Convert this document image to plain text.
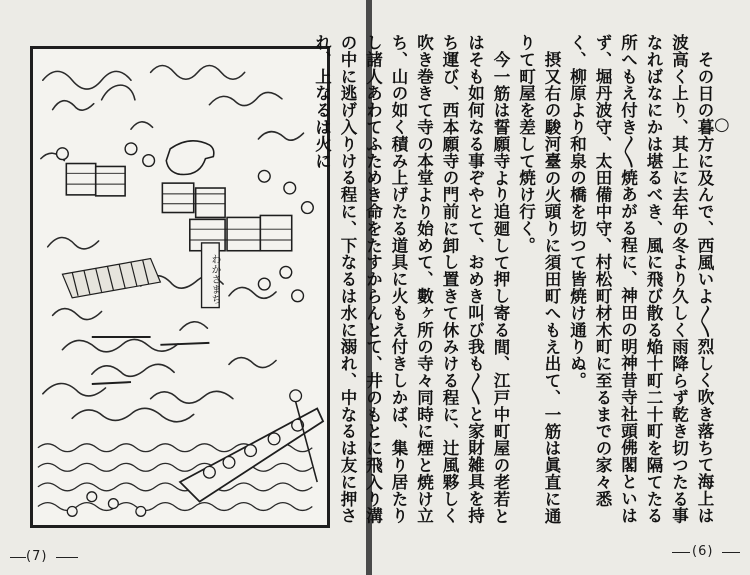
わかさまち
(7)
○

その日の暮方に及んで、西風いよ〳〵烈しく吹き落ちて海上は波高く上り、其上に去年の冬より久しく雨降らず乾き切つたる事なればなにかは堪るべき、風に飛び散る焔十町二十町を隔てたる所へもえ付き〳〵焼あがる程に、神田の明神昔寺社頭佛閣といはず、堀丹波守、太田備中守、村松町材木町に至るまでの家々悉く、柳原より和泉の橋を切つて皆焼け通りぬ。

摂又右の駿河臺の火頭りに須田町へもえ出て、一筋は眞直に通りて町屋を差して焼け行く。

今一筋は誓願寺より追廻して押し寄る間、江戸中町屋の老若とはそも如何なる事ぞやとて、おめき叫び我も〳〵と家財雑具を持ち運び、西本願寺の門前に卸し置きて休みける程に、辻風夥しく吹き巻きて寺の本堂より始めて、數ヶ所の寺々同時に煙と焼け立ち、山の如く積み上げたる道具に火もえ付きしかば、集り居たりし諸人あわてふためき命をたすからんとて、井のもとに飛入り溝の中に逃げ入りける程に、下なるは水に溺れ、中なるは友に押され、上なるは火に

(6)
